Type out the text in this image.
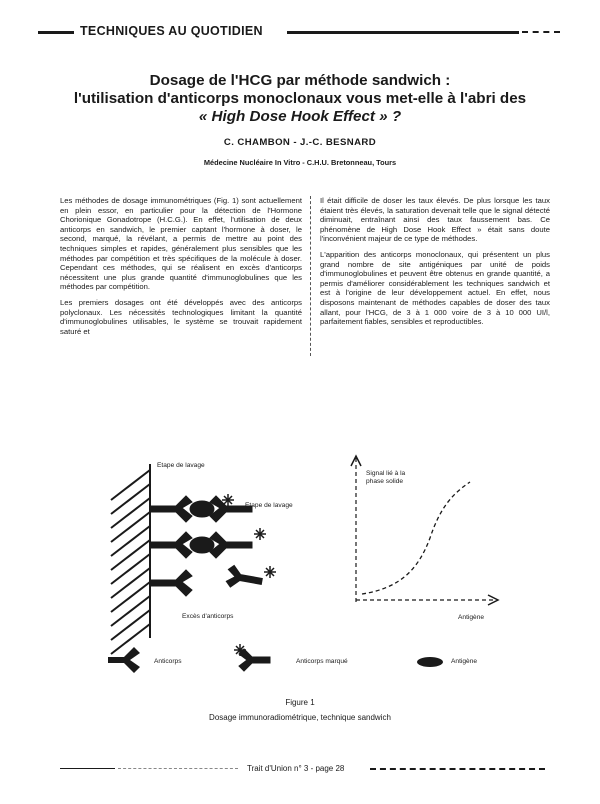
TECHNIQUES AU QUOTIDIEN
Dosage de l'HCG par méthode sandwich :
l'utilisation d'anticorps monoclonaux vous met-elle à l'abri des
« High Dose Hook Effect » ?
C. CHAMBON - J.-C. BESNARD
Médecine Nucléaire In Vitro - C.H.U. Bretonneau, Tours

Les méthodes de dosage immunométriques (Fig. 1) sont actuellement en plein essor, en particulier pour la détection de l'Hormone Chorionique Gonadotrope (H.C.G.). En effet, l'utilisation de deux anticorps en sandwich, le premier captant l'hormone à doser, le second, marqué, la révélant, a permis de mettre au point des techniques simples et rapides, généralement plus sensibles que les méthodes par compétition et très spécifiques de la molécule à doser. Cependant ces méthodes, qui se réalisent en excès d'anticorps nécessitent une plus grande quantité d'immunoglobulines que les méthodes par compétition.

Les premiers dosages ont été développés avec des anticorps polyclonaux. Les nécessités technologiques limitant la quantité d'immunoglobulines utilisables, le système se trouvait rapidement saturé et

Il était difficile de doser les taux élevés. De plus lorsque les taux étaient très élevés, la saturation devenait telle que le signal détecté diminuait, entraînant ainsi des taux faussement bas. Ce phénomène de High Dose Hook Effect » était sans doute l'inconvénient majeur de ce type de méthodes.

L'apparition des anticorps monoclonaux, qui présentent un plus grand nombre de site antigéniques par unité de poids d'immunoglobulines et peuvent être obtenus en grande quantité, a permis d'améliorer considérablement les techniques sandwich et est à l'origine de leur développement actuel. En effet, nous disposons maintenant de méthodes capables de doser des taux allant, pour l'HCG, de 3 à 1 000 voire de 3 à 10 000 UI/l, parfaitement fiables, sensibles et reproductibles.

Etape de lavage
Etape de lavage
Excès d'anticorps
Signal lié à la phase solide
Antigène
Anticorps	Anticorps marqué	Antigène
Figure 1
Dosage immunoradiométrique, technique sandwich
Trait d'Union n° 3 - page 28
